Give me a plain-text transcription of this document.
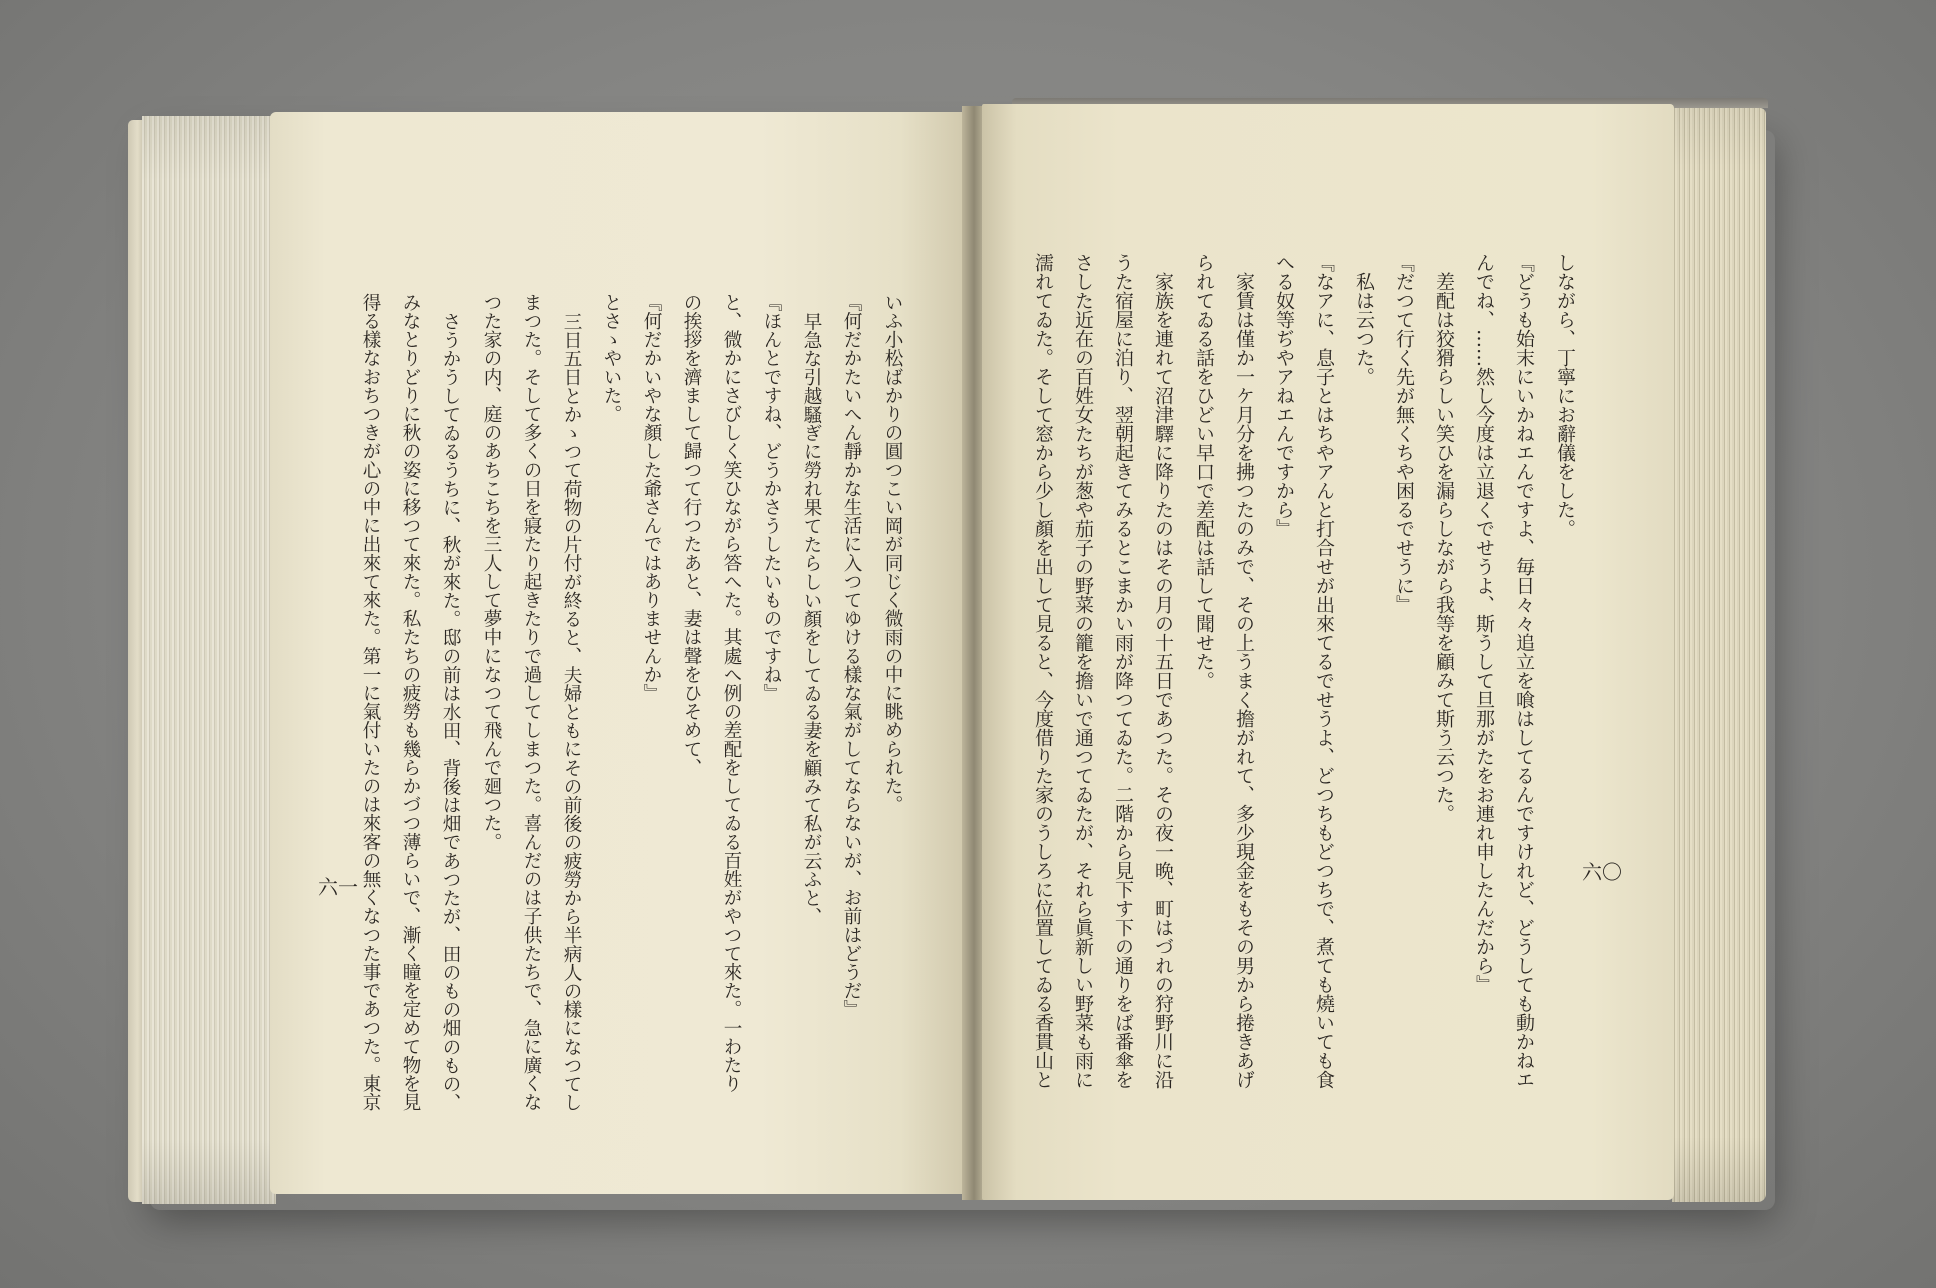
いふ小松ばかりの圓つこい岡が同じく微雨の中に眺められた。
『何だかたいへん靜かな生活に入つてゆける樣な氣がしてならないが、お前はどうだ』
早急な引越騷ぎに勞れ果てたらしい顏をしてゐる妻を顧みて私が云ふと、
『ほんとですね、どうかさうしたいものですね』
と、微かにさびしく笑ひながら答へた。其處へ例の差配をしてゐる百姓がやつて來た。一わたり
の挨拶を濟まして歸つて行つたあと、妻は聲をひそめて、
『何だかいやな顏した爺さんではありませんか』
とさゝやいた。
三日五日とかゝつて荷物の片付が終ると、夫婦ともにその前後の疲勞から半病人の樣になつてし
まつた。そして多くの日を寢たり起きたりで過してしまつた。喜んだのは子供たちで、急に廣くな
つた家の内、庭のあちこちを三人して夢中になつて飛んで廻つた。
さうかうしてゐるうちに、秋が來た。邸の前は水田、背後は畑であつたが、田のもの畑のもの、
みなとりどりに秋の姿に移つて來た。私たちの疲勞も幾らかづつ薄らいで、漸く瞳を定めて物を見
得る樣なおちつきが心の中に出來て來た。第一に氣付いたのは來客の無くなつた事であつた。東京
六一
しながら、丁寧にお辭儀をした。
『どうも始末にいかねエんですよ、毎日々々追立を喰はしてるんですけれど、どうしても動かねエ
んでね、……然し今度は立退くでせうよ、斯うして旦那がたをお連れ申したんだから』
差配は狡猾らしい笑ひを漏らしながら我等を顧みて斯う云つた。
『だつて行く先が無くちや困るでせうに』
私は云つた。
『なアに、息子とはちやアんと打合せが出來てるでせうよ、どつちもどつちで、煮ても燒いても食
へる奴等ぢやアねエんですから』
家賃は僅か一ケ月分を拂つたのみで、その上うまく擔がれて、多少現金をもその男から捲きあげ
られてゐる話をひどい早口で差配は話して聞せた。
家族を連れて沼津驛に降りたのはその月の十五日であつた。その夜一晩、町はづれの狩野川に沿
うた宿屋に泊り、翌朝起きてみるとこまかい雨が降つてゐた。二階から見下す下の通りをば番傘を
さした近在の百姓女たちが葱や茄子の野菜の籠を擔いで通つてゐたが、それら眞新しい野菜も雨に
濡れてゐた。そして窓から少し顏を出して見ると、今度借りた家のうしろに位置してゐる香貫山と	六〇
